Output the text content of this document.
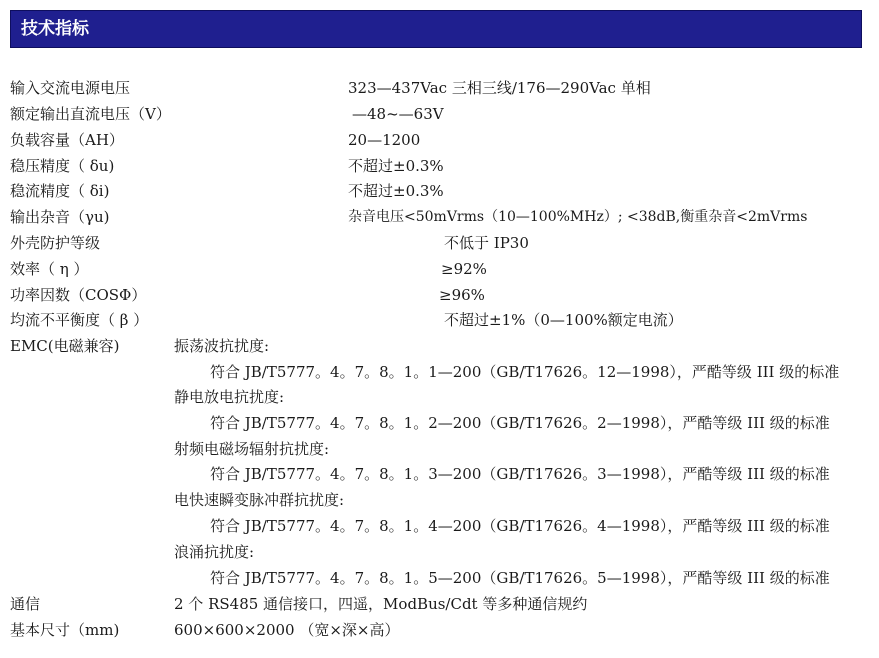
技术指标
输入交流电源电压	323—437Vac 三相三线/176—290Vac 单相
额定输出直流电压（V）	—48~—63V
负载容量（AH）	20—1200
稳压精度（ δu)	不超过±0.3%
稳流精度（ δi)	不超过±0.3%
输出杂音（γu)	杂音电压<50mVrms（10—100%MHz）; <38dB,衡重杂音<2mVrms
外壳防护等级	不低于 IP30
效率（ η ）	≥92%
功率因数（COSΦ）	≥96%
均流不平衡度（ β ）	不超过±1%（0—100%额定电流）
EMC(电磁兼容)	振荡波抗扰度:
符合 JB/T5777。4。7。8。1。1—200（GB/T17626。12—1998），严酷等级 III 级的标准
静电放电抗扰度:
符合 JB/T5777。4。7。8。1。2—200（GB/T17626。2—1998），严酷等级 III 级的标准
射频电磁场辐射抗扰度:
符合 JB/T5777。4。7。8。1。3—200（GB/T17626。3—1998），严酷等级 III 级的标准
电快速瞬变脉冲群抗扰度:
符合 JB/T5777。4。7。8。1。4—200（GB/T17626。4—1998），严酷等级 III 级的标准
浪涌抗扰度:
符合 JB/T5777。4。7。8。1。5—200（GB/T17626。5—1998），严酷等级 III 级的标准
通信	2 个 RS485 通信接口，四遥，ModBus/Cdt 等多种通信规约
基本尺寸（mm)	600×600×2000 （宽×深×高）
